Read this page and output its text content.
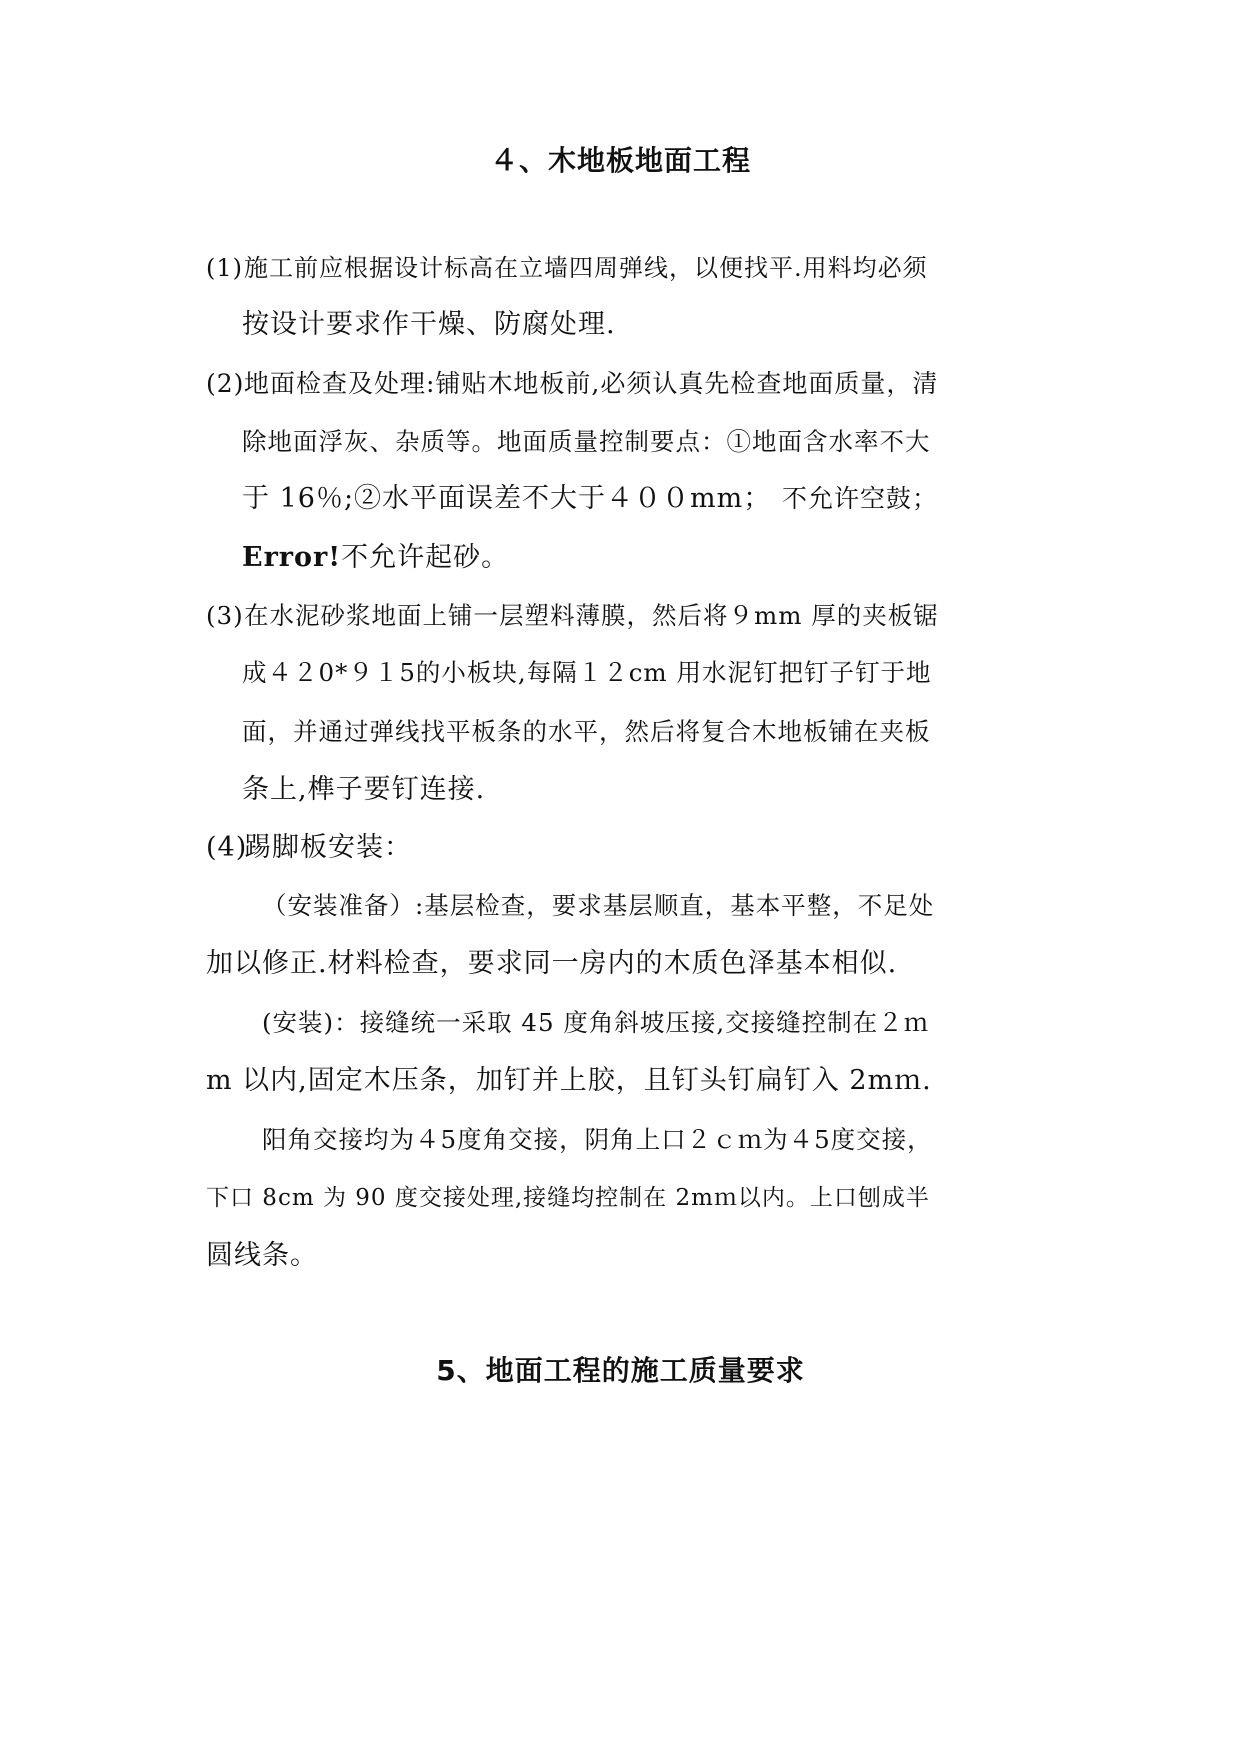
４、木地板地面工程
(1)施工前应根据设计标高在立墙四周弹线，以便找平.用料均必须
按设计要求作干燥、防腐处理.
(2)地面检查及处理:铺贴木地板前,必须认真先检查地面质量，清
除地面浮灰、杂质等。地面质量控制要点：①地面含水率不大
于 16％;②水平面误差不大于４００mm； 不允许空鼓；
Error!不允许起砂。
(3)在水泥砂浆地面上铺一层塑料薄膜，然后将９mm 厚的夹板锯
成４２0*９１5的小板块,每隔１２cm 用水泥钉把钉子钉于地
面，并通过弹线找平板条的水平，然后将复合木地板铺在夹板
条上,榫子要钉连接.
(4)踢脚板安装：
（安装准备）:基层检查，要求基层顺直，基本平整，不足处
加以修正.材料检查，要求同一房内的木质色泽基本相似.
(安装)：接缝统一采取 45 度角斜坡压接,交接缝控制在２ｍ
m 以内,固定木压条，加钉并上胶，且钉头钉扁钉入 2mｍ.
阳角交接均为４5度角交接，阴角上口２ｃｍ为４5度交接，
下口 8cm 为 90 度交接处理,接缝均控制在 2mｍ以内。上口刨成半
圆线条。
5、地面工程的施工质量要求
